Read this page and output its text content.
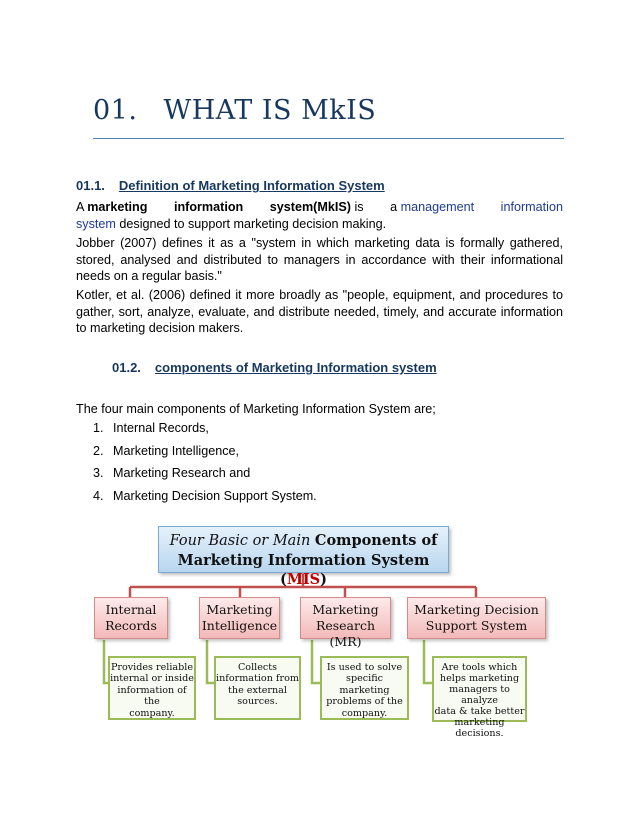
01. WHAT IS MkIS
01.1. Definition of Marketing Information System
A marketing information system(MkIS) is a management information
system designed to support marketing decision making.
Jobber (2007) defines it as a "system in which marketing data is formally gathered, stored, analysed and distributed to managers in accordance with their informational needs on a regular basis."
Kotler, et al. (2006) defined it more broadly as "people, equipment, and procedures to gather, sort, analyze, evaluate, and distribute needed, timely, and accurate information to marketing decision makers.
01.2. components of Marketing Information system
The four main components of Marketing Information System are;
1. Internal Records,
2. Marketing Intelligence,
3. Marketing Research and
4. Marketing Decision Support System.
Four Basic or Main Components of
Marketing Information System (MIS)
Internal
Records
Marketing
Intelligence
Marketing
Research (MR)
Marketing Decision
Support System
Provides reliable
internal or inside
information of the
company.
Collects
information from
the external
sources.
Is used to solve
specific marketing
problems of the
company.
Are tools which
helps marketing
managers to analyze
data & take better
marketing decisions.
